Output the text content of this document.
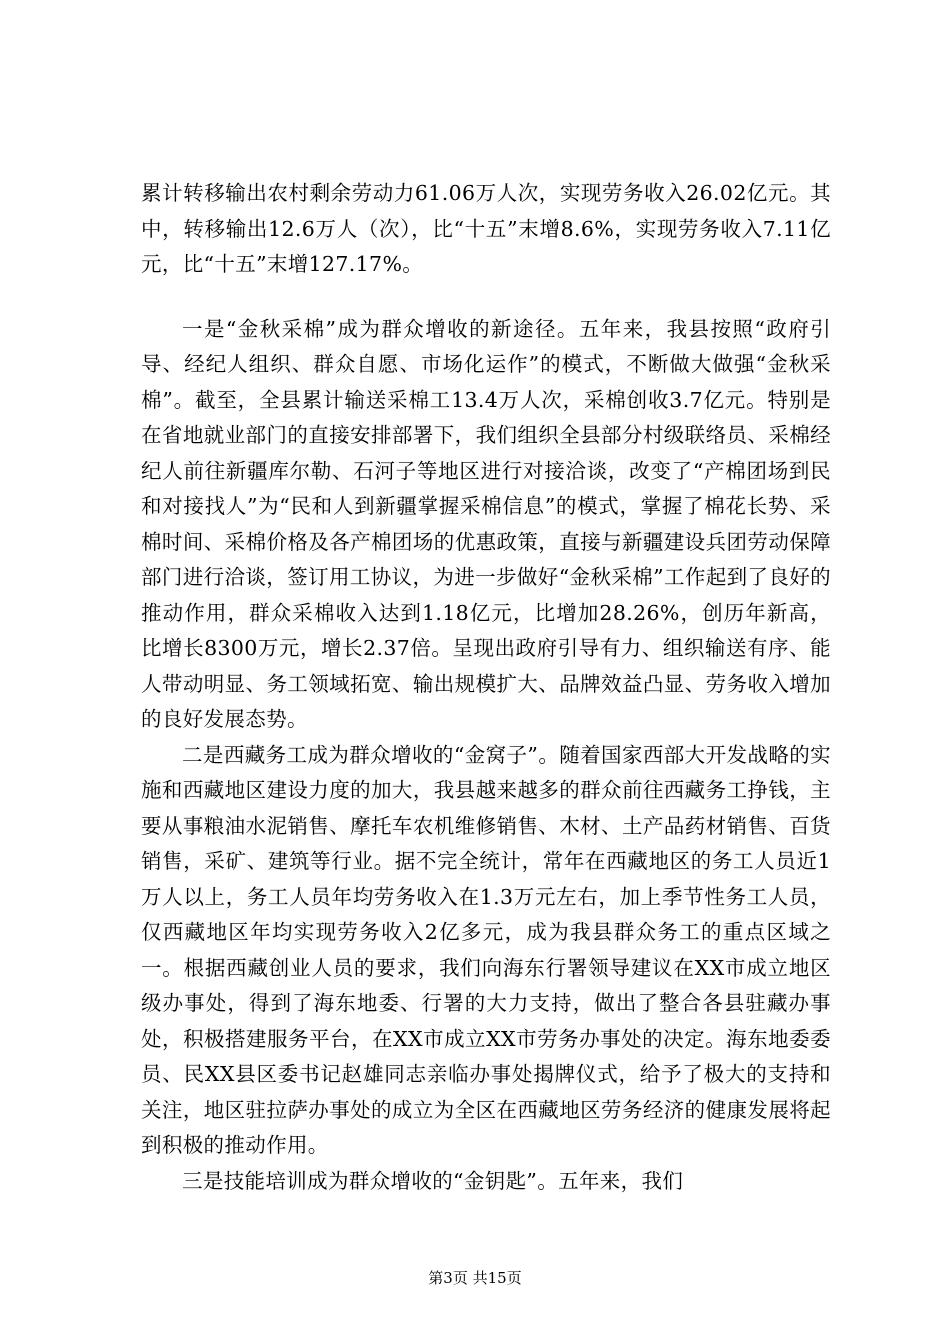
累计转移输出农村剩余劳动力61.06万人次，实现劳务收入26.02亿元。其中，转移输出12.6万人（次），比“十五”末增8.6%，实现劳务收入7.11亿元，比“十五”末增127.17%。

一是“金秋采棉”成为群众增收的新途径。五年来，我县按照“政府引导、经纪人组织、群众自愿、市场化运作”的模式，不断做大做强“金秋采棉”。截至，全县累计输送采棉工13.4万人次，采棉创收3.7亿元。特别是在省地就业部门的直接安排部署下，我们组织全县部分村级联络员、采棉经纪人前往新疆库尔勒、石河子等地区进行对接洽谈，改变了“产棉团场到民和对接找人”为“民和人到新疆掌握采棉信息”的模式，掌握了棉花长势、采棉时间、采棉价格及各产棉团场的优惠政策，直接与新疆建设兵团劳动保障部门进行洽谈，签订用工协议，为进一步做好“金秋采棉”工作起到了良好的推动作用，群众采棉收入达到1.18亿元，比增加28.26%，创历年新高，比增长8300万元，增长2.37倍。呈现出政府引导有力、组织输送有序、能人带动明显、务工领域拓宽、输出规模扩大、品牌效益凸显、劳务收入增加的良好发展态势。

二是西藏务工成为群众增收的“金窝子”。随着国家西部大开发战略的实施和西藏地区建设力度的加大，我县越来越多的群众前往西藏务工挣钱，主要从事粮油水泥销售、摩托车农机维修销售、木材、土产品药材销售、百货销售，采矿、建筑等行业。据不完全统计，常年在西藏地区的务工人员近1万人以上，务工人员年均劳务收入在1.3万元左右，加上季节性务工人员，仅西藏地区年均实现劳务收入2亿多元，成为我县群众务工的重点区域之一。根据西藏创业人员的要求，我们向海东行署领导建议在XX市成立地区级办事处，得到了海东地委、行署的大力支持，做出了整合各县驻藏办事处，积极搭建服务平台，在XX市成立XX市劳务办事处的决定。海东地委委员、民XX县区委书记赵雄同志亲临办事处揭牌仪式，给予了极大的支持和关注，地区驻拉萨办事处的成立为全区在西藏地区劳务经济的健康发展将起到积极的推动作用。

三是技能培训成为群众增收的“金钥匙”。五年来，我们

第3页 共15页
